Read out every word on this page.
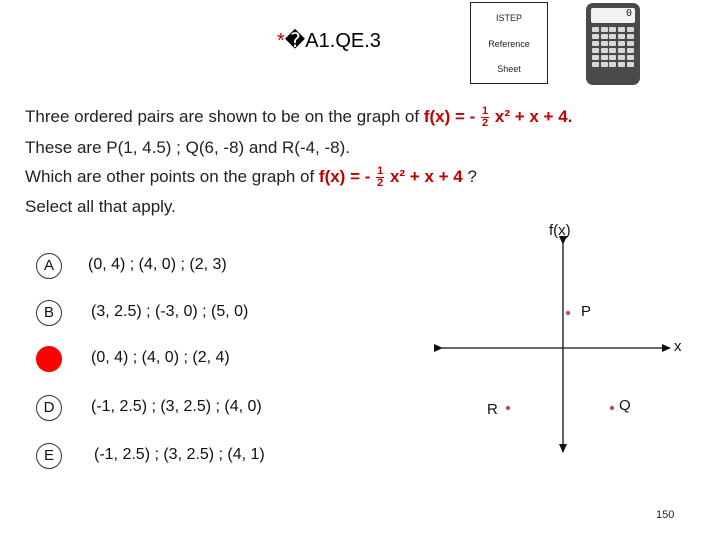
*�A1.QE.3
ISTEP
Reference
Sheet
0
Three ordered pairs are shown to be on the graph of f(x) = - $\frac{1}{2} x^2 + x + 4$.
These are P(1, 4.5) ; Q(6, -8) and R(-4, -8).
Which are other points on the graph of f(x) = - $\frac{1}{2} x^2 + x + 4$ ?
Select all that apply.
A	(0, 4) ; (4, 0) ; (2, 3)
B	(3, 2.5) ; (-3, 0) ; (5, 0)
C	(0, 4) ; (4, 0) ; (2, 4)
D	(-1, 2.5) ; (3, 2.5) ; (4, 0)
E	(-1, 2.5) ; (3, 2.5) ; (4, 1)
f(x)
x
P
Q
R
150
